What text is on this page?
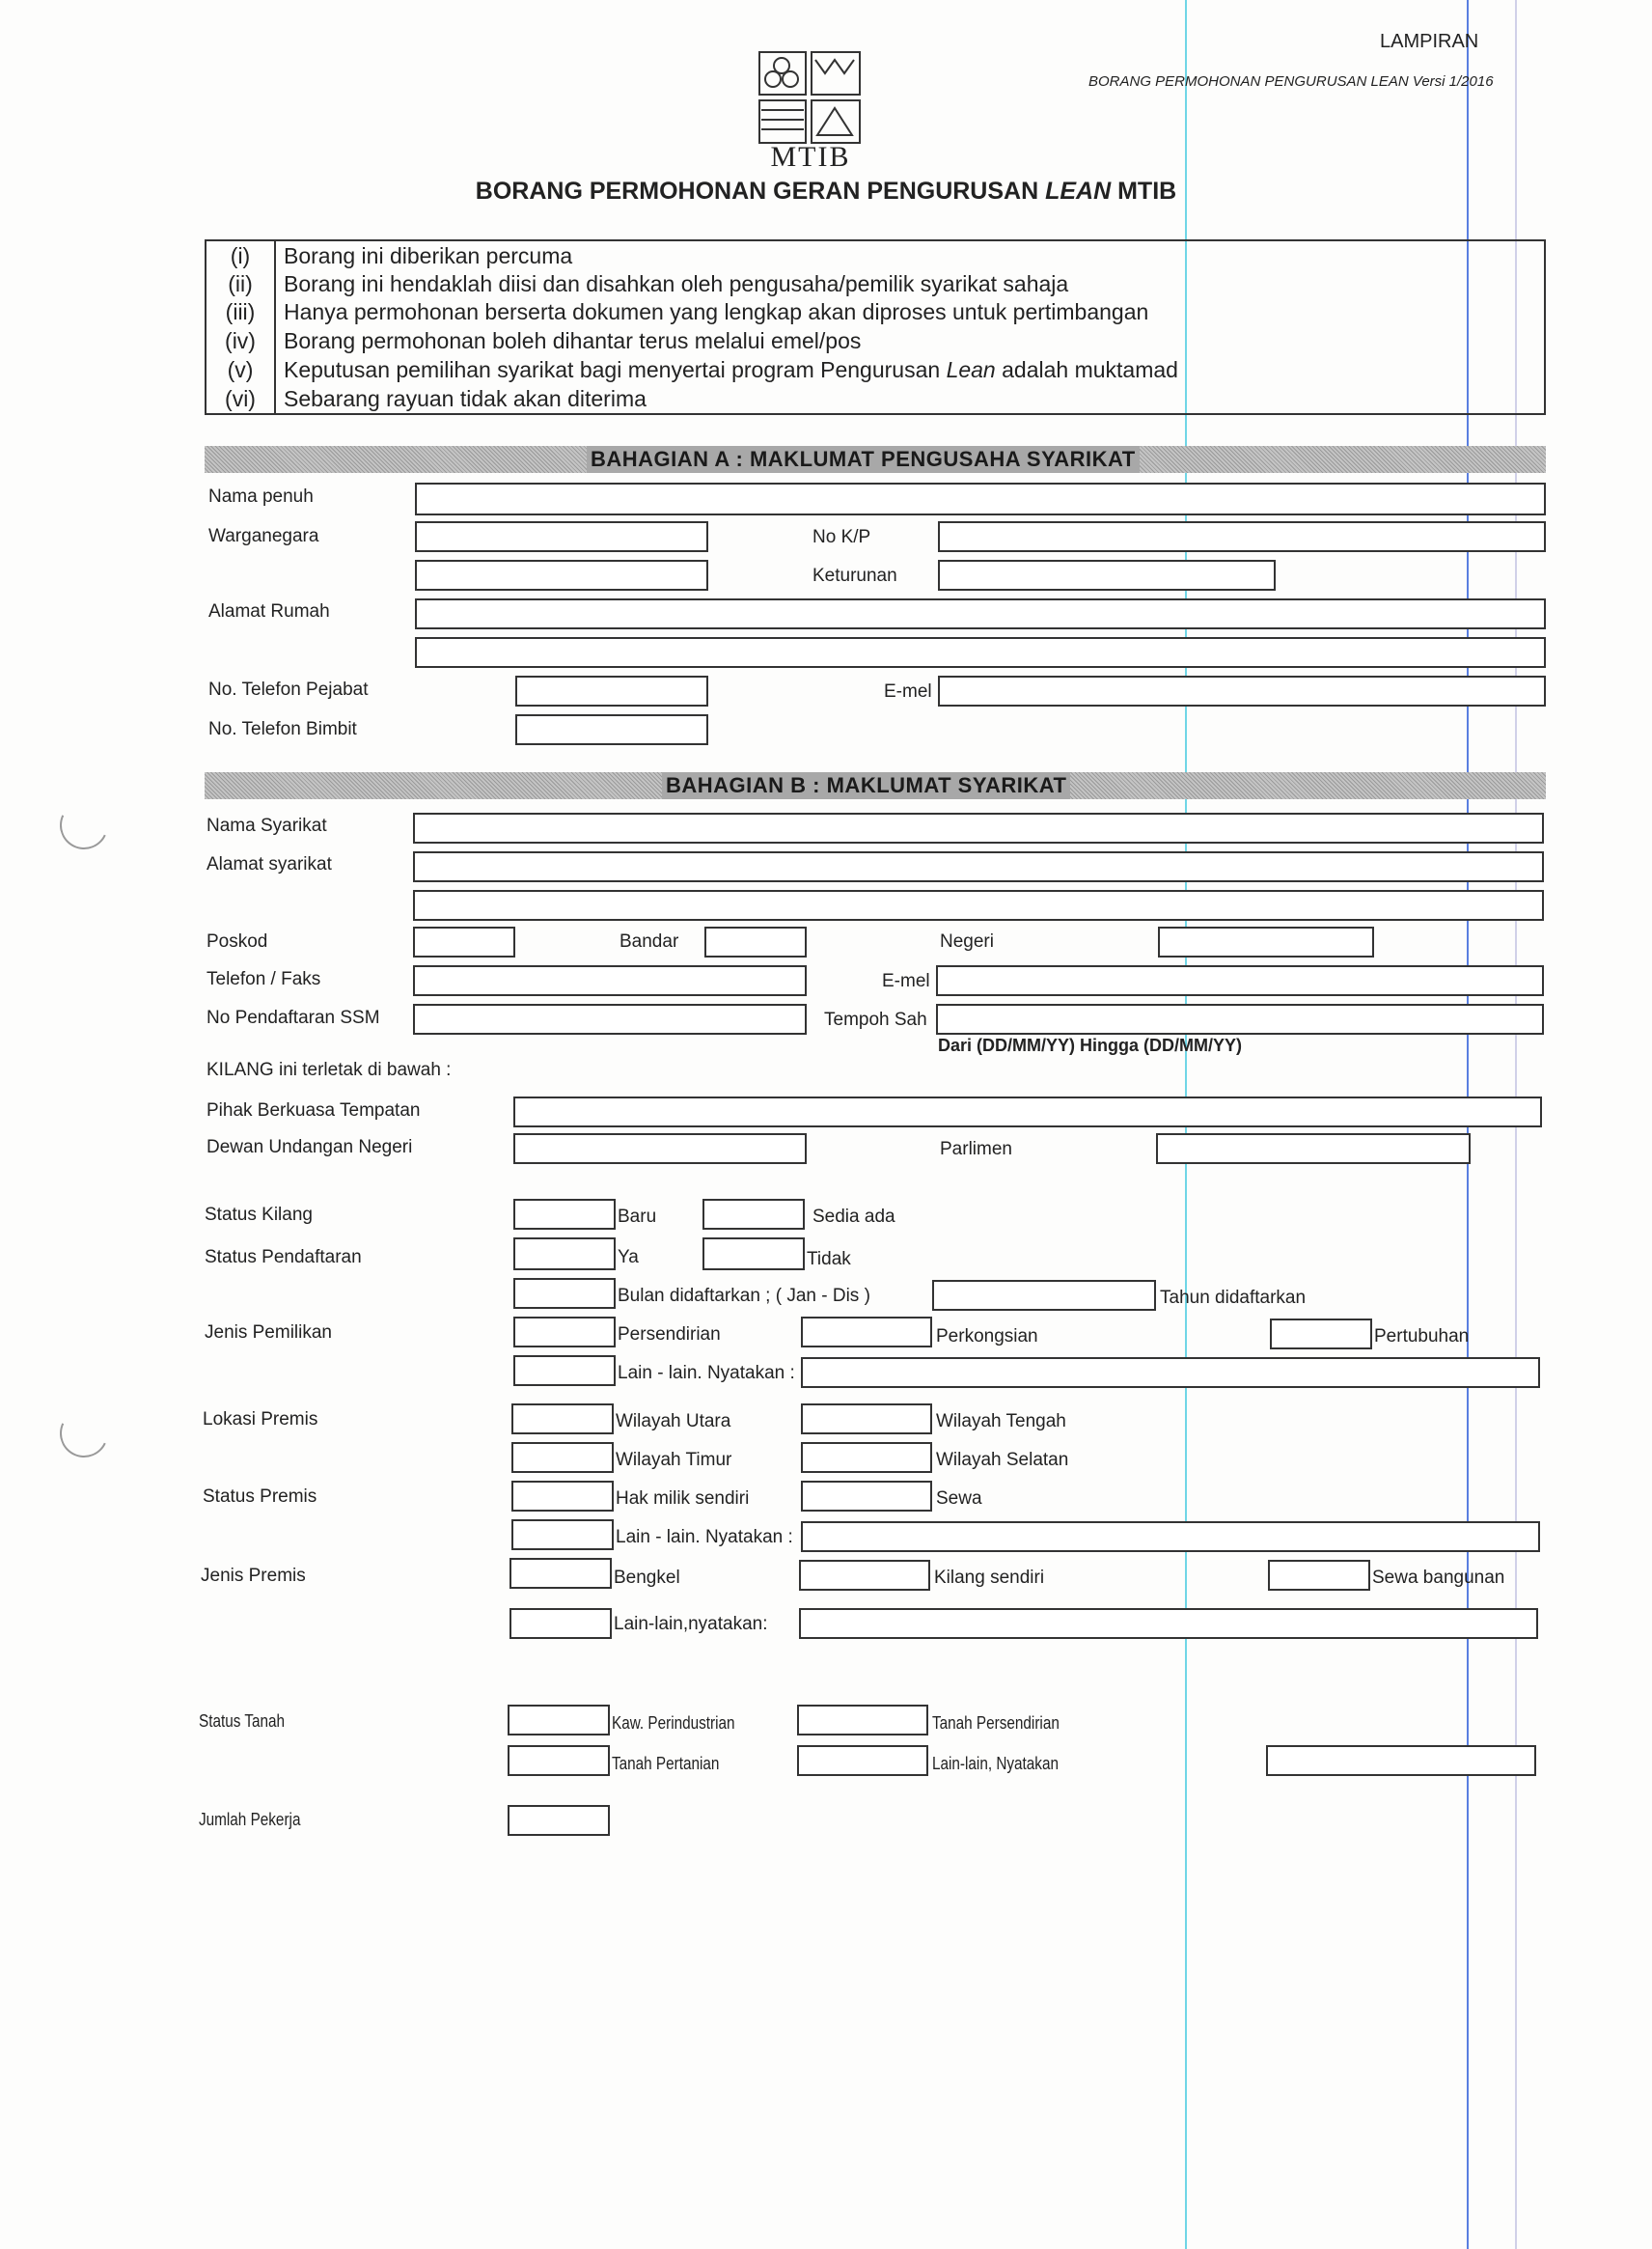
LAMPIRAN
BORANG PERMOHONAN PENGURUSAN LEAN Versi 1/2016
MTIB
BORANG PERMOHONAN GERAN PENGURUSAN LEAN MTIB
(i)	Borang ini diberikan percuma
(ii)	Borang ini hendaklah diisi dan disahkan oleh pengusaha/pemilik syarikat sahaja
(iii)	Hanya permohonan berserta dokumen yang lengkap akan diproses untuk pertimbangan
(iv)	Borang permohonan boleh dihantar terus melalui emel/pos
(v)	Keputusan pemilihan syarikat bagi menyertai program Pengurusan Lean adalah muktamad
(vi)	Sebarang rayuan tidak akan diterima
BAHAGIAN A : MAKLUMAT PENGUSAHA SYARIKAT
Nama penuh
Warganegara	No K/P
Keturunan
Alamat Rumah
No. Telefon Pejabat	E-mel
No. Telefon Bimbit
BAHAGIAN B : MAKLUMAT SYARIKAT
Nama Syarikat
Alamat syarikat
Poskod	Bandar	Negeri
Telefon / Faks	E-mel
No Pendaftaran SSM	Tempoh Sah
Dari (DD/MM/YY) Hingga (DD/MM/YY)
KILANG ini terletak di bawah :
Pihak Berkuasa Tempatan
Dewan Undangan Negeri	Parlimen
Status Kilang	Baru	Sedia ada
Status Pendaftaran	Ya	Tidak
Bulan didaftarkan ; ( Jan - Dis )	Tahun didaftarkan
Jenis Pemilikan	Persendirian	Perkongsian	Pertubuhan
Lain - lain. Nyatakan :
Lokasi Premis	Wilayah Utara	Wilayah Tengah
Wilayah Timur	Wilayah Selatan
Status Premis	Hak milik sendiri	Sewa
Lain - lain. Nyatakan :
Jenis Premis	Bengkel	Kilang sendiri	Sewa bangunan
Lain-lain,nyatakan:
Status Tanah	Kaw. Perindustrian	Tanah Persendirian
Tanah Pertanian	Lain-lain, Nyatakan
Jumlah Pekerja
